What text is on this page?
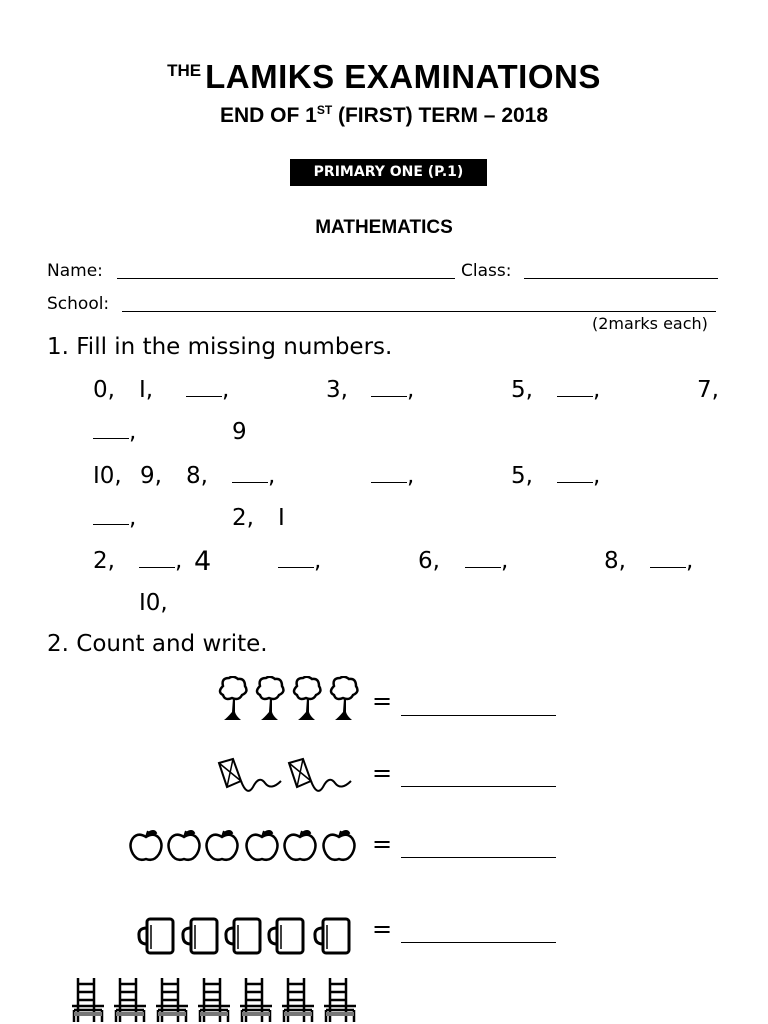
THE LAMIKS EXAMINATIONS
END OF 1ST (FIRST) TERM – 2018
PRIMARY ONE (P.1)
MATHEMATICS
Name:	Class:
School:
(2marks each)
1. Fill in the missing numbers.
0, I,	,	3,	,	5,	,	7,
,	9
I0, 9, 8,	,	,	5,	,
,	2, I
2,	, 4	,	6,	,	8,	,
I0,
2. Count and write.
=
=
=
=
